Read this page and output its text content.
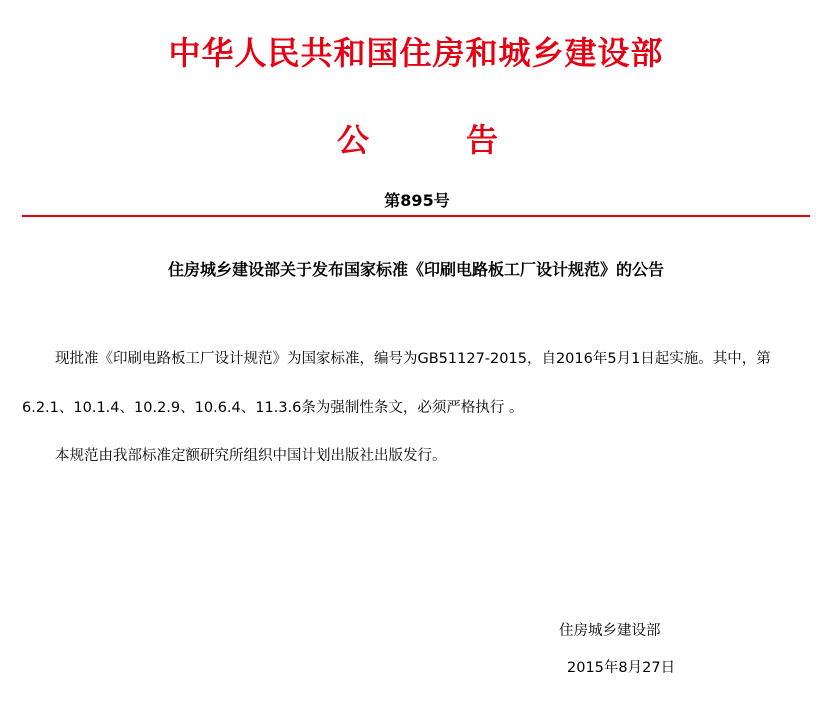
中华人民共和国住房和城乡建设部
公	告
第895号
住房城乡建设部关于发布国家标准《印刷电路板工厂设计规范》的公告
现批准《印刷电路板工厂设计规范》为国家标准，编号为GB51127-2015，自2016年5月1日起实施。其中，第
6.2.1、10.1.4、10.2.9、10.6.4、11.3.6条为强制性条文，必须严格执行 。
本规范由我部标准定额研究所组织中国计划出版社出版发行。
住房城乡建设部
2015年8月27日
